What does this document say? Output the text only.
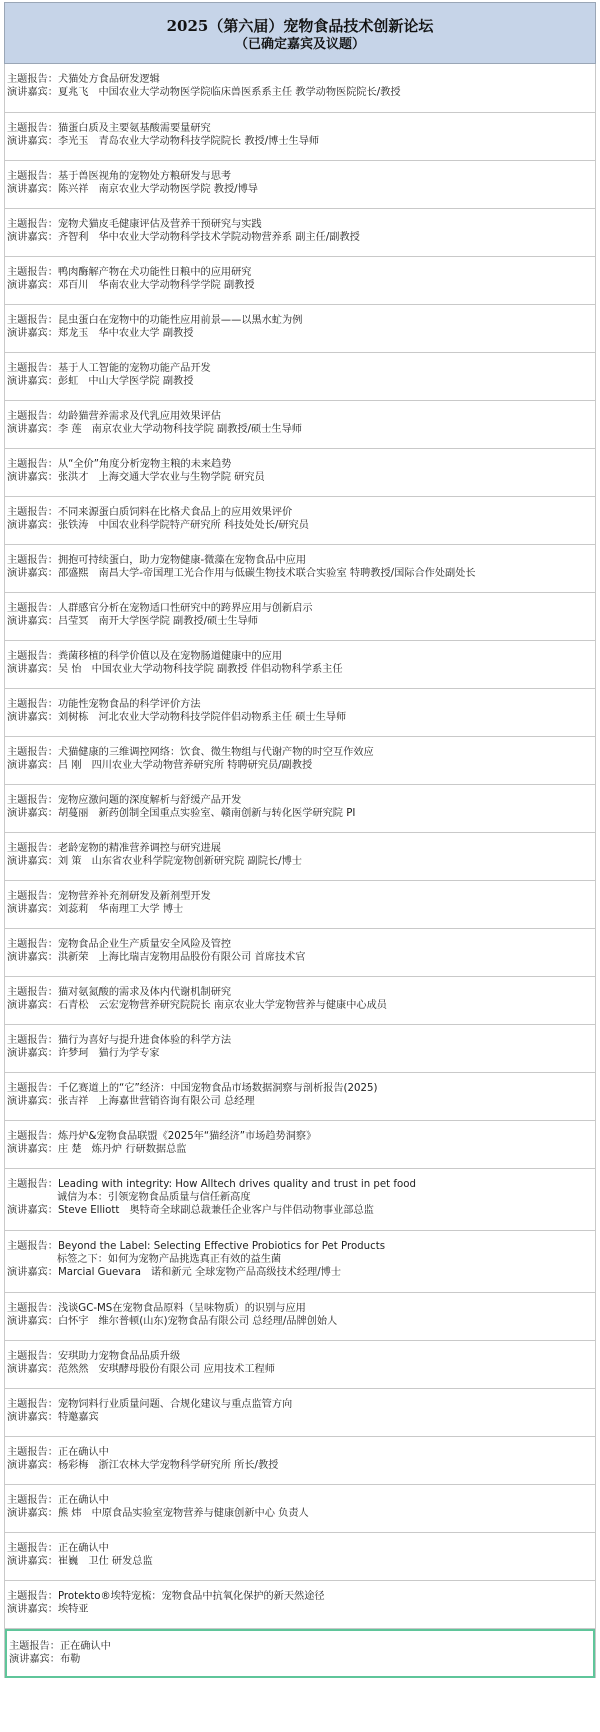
2025（第六届）宠物食品技术创新论坛
（已确定嘉宾及议题）
主题报告：犬猫处方食品研发逻辑
演讲嘉宾：夏兆飞 中国农业大学动物医学院临床兽医系系主任 教学动物医院院长/教授
主题报告：猫蛋白质及主要氨基酸需要量研究
演讲嘉宾：李光玉 青岛农业大学动物科技学院院长 教授/博士生导师
主题报告：基于兽医视角的宠物处方粮研发与思考
演讲嘉宾：陈兴祥 南京农业大学动物医学院 教授/博导
主题报告：宠物犬猫皮毛健康评估及营养干预研究与实践
演讲嘉宾：齐智利 华中农业大学动物科学技术学院动物营养系 副主任/副教授
主题报告：鸭肉酶解产物在犬功能性日粮中的应用研究
演讲嘉宾：邓百川 华南农业大学动物科学学院 副教授
主题报告：昆虫蛋白在宠物中的功能性应用前景——以黑水虻为例
演讲嘉宾：郑龙玉 华中农业大学 副教授
主题报告：基于人工智能的宠物功能产品开发
演讲嘉宾：彭虹 中山大学医学院 副教授
主题报告：幼龄猫营养需求及代乳应用效果评估
演讲嘉宾：李 莲 南京农业大学动物科技学院 副教授/硕士生导师
主题报告：从“全价”角度分析宠物主粮的未来趋势
演讲嘉宾：张洪才 上海交通大学农业与生物学院 研究员
主题报告：不同来源蛋白质饲料在比格犬食品上的应用效果评价
演讲嘉宾：张铁涛 中国农业科学院特产研究所 科技处处长/研究员
主题报告：拥抱可持续蛋白，助力宠物健康-微藻在宠物食品中应用
演讲嘉宾：邵盛熙 南昌大学-帝国理工光合作用与低碳生物技术联合实验室 特聘教授/国际合作处副处长
主题报告：人群感官分析在宠物适口性研究中的跨界应用与创新启示
演讲嘉宾：吕莹冥 南开大学医学院 副教授/硕士生导师
主题报告：粪菌移植的科学价值以及在宠物肠道健康中的应用
演讲嘉宾：吴 怡 中国农业大学动物科技学院 副教授 伴侣动物科学系主任
主题报告：功能性宠物食品的科学评价方法
演讲嘉宾：刘树栋 河北农业大学动物科技学院伴侣动物系主任 硕士生导师
主题报告：犬猫健康的三维调控网络：饮食、微生物组与代谢产物的时空互作效应
演讲嘉宾：吕 刚 四川农业大学动物营养研究所 特聘研究员/副教授
主题报告：宠物应激问题的深度解析与舒缓产品开发
演讲嘉宾：胡蔓丽 新药创制全国重点实验室、赣南创新与转化医学研究院 PI
主题报告：老龄宠物的精准营养调控与研究进展
演讲嘉宾：刘 策 山东省农业科学院宠物创新研究院 副院长/博士
主题报告：宠物营养补充剂研发及新剂型开发
演讲嘉宾：刘蕊莉 华南理工大学 博士
主题报告：宠物食品企业生产质量安全风险及管控
演讲嘉宾：洪新荣 上海比瑞吉宠物用品股份有限公司 首席技术官
主题报告：猫对氨氮酸的需求及体内代谢机制研究
演讲嘉宾：石青松 云宏宠物营养研究院院长 南京农业大学宠物营养与健康中心成员
主题报告：猫行为喜好与提升进食体验的科学方法
演讲嘉宾：许梦珂 猫行为学专家
主题报告：千亿赛道上的“它”经济：中国宠物食品市场数据洞察与剖析报告(2025)
演讲嘉宾：张吉祥 上海嘉世营销咨询有限公司 总经理
主题报告：炼丹炉&宠物食品联盟《2025年“猫经济”市场趋势洞察》
演讲嘉宾：庄 楚 炼丹炉 行研数据总监
主题报告：Leading with integrity: How Alltech drives quality and trust in pet food
诚信为本：引领宠物食品质量与信任新高度
演讲嘉宾：Steve Elliott 奥特奇全球副总裁兼任企业客户与伴侣动物事业部总监
主题报告：Beyond the Label: Selecting Effective Probiotics for Pet Products
标签之下：如何为宠物产品挑选真正有效的益生菌
演讲嘉宾：Marcial Guevara 诺和新元 全球宠物产品高级技术经理/博士
主题报告：浅谈GC-MS在宠物食品原料（呈味物质）的识别与应用
演讲嘉宾：白怀宇 维尔普顿(山东)宠物食品有限公司 总经理/品牌创始人
主题报告：安琪助力宠物食品品质升级
演讲嘉宾：范然然 安琪酵母股份有限公司 应用技术工程师
主题报告：宠物饲料行业质量问题、合规化建议与重点监管方向
演讲嘉宾：特邀嘉宾
主题报告：正在确认中
演讲嘉宾：杨彩梅 浙江农林大学宠物科学研究所 所长/教授
主题报告：正在确认中
演讲嘉宾：熊 炜 中原食品实验室宠物营养与健康创新中心 负责人
主题报告：正在确认中
演讲嘉宾：崔巍 卫仕 研发总监
主题报告：Protekto®埃特宠梳：宠物食品中抗氧化保护的新天然途径
演讲嘉宾：埃特亚
主题报告：正在确认中
演讲嘉宾：布勒
